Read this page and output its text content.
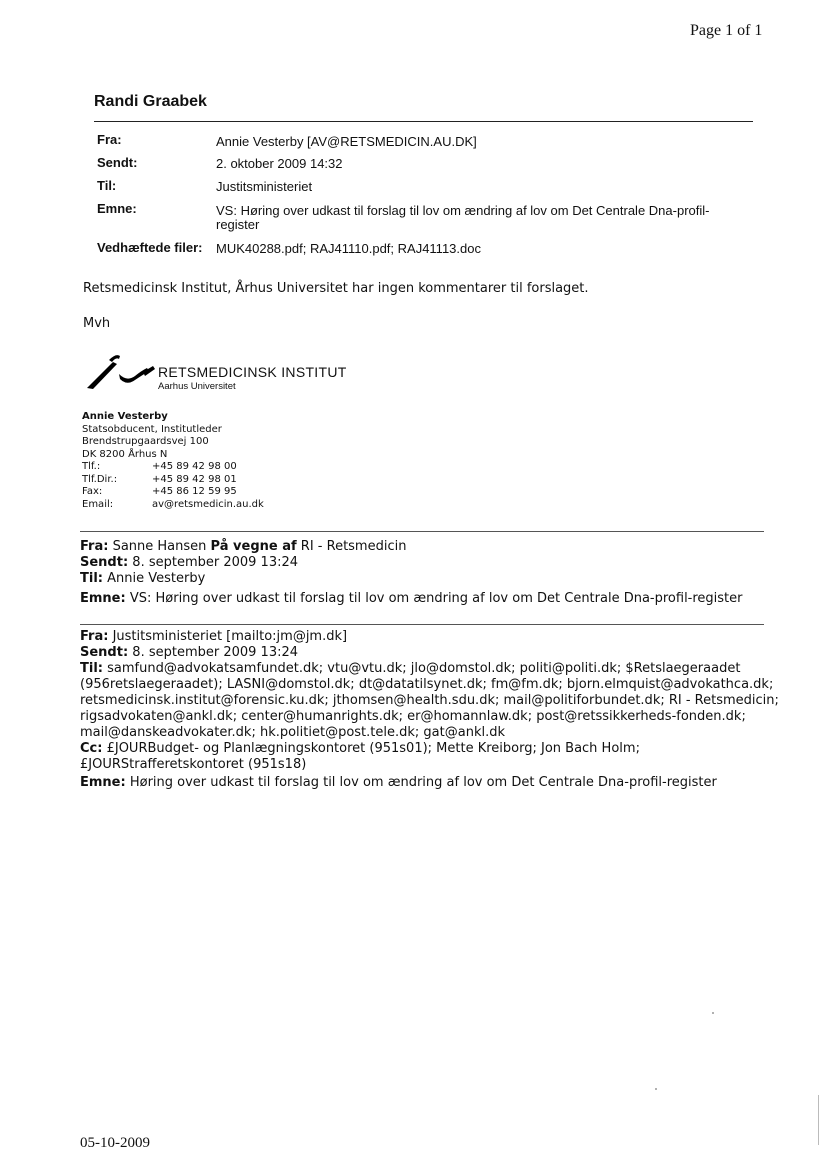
Page 1 of 1
Randi Graabek
Fra:	Annie Vesterby [AV@RETSMEDICIN.AU.DK]
Sendt:	2. oktober 2009 14:32
Til:	Justitsministeriet
Emne:	VS: Høring over udkast til forslag til lov om ændring af lov om Det Centrale Dna-profil-
register
Vedhæftede filer: MUK40288.pdf; RAJ41110.pdf; RAJ41113.doc
Retsmedicinsk Institut, Århus Universitet har ingen kommentarer til forslaget.
Mvh
RETSMEDICINSK INSTITUT
Aarhus Universitet
Annie Vesterby
Statsobducent, Institutleder
Brendstrupgaardsvej 100
DK 8200 Århus N
Tlf.:	+45 89 42 98 00
Tlf.Dir.:	+45 89 42 98 01
Fax:	+45 86 12 59 95
Email:	av@retsmedicin.au.dk
Fra: Sanne Hansen På vegne af RI - Retsmedicin
Sendt: 8. september 2009 13:24
Til: Annie Vesterby
Emne: VS: Høring over udkast til forslag til lov om ændring af lov om Det Centrale Dna-profil-register
Fra: Justitsministeriet [mailto:jm@jm.dk]
Sendt: 8. september 2009 13:24
Til: samfund@advokatsamfundet.dk; vtu@vtu.dk; jlo@domstol.dk; politi@politi.dk; $Retslaegeraadet
(956retslaegeraadet); LASNI@domstol.dk; dt@datatilsynet.dk; fm@fm.dk; bjorn.elmquist@advokathca.dk;
retsmedicinsk.institut@forensic.ku.dk; jthomsen@health.sdu.dk; mail@politiforbundet.dk; RI - Retsmedicin;
rigsadvokaten@ankl.dk; center@humanrights.dk; er@homannlaw.dk; post@retssikkerheds-fonden.dk;
mail@danskeadvokater.dk; hk.politiet@post.tele.dk; gat@ankl.dk
Cc: £JOURBudget- og Planlægningskontoret (951s01); Mette Kreiborg; Jon Bach Holm;
£JOURStrafferetskontoret (951s18)
Emne: Høring over udkast til forslag til lov om ændring af lov om Det Centrale Dna-profil-register
05-10-2009
